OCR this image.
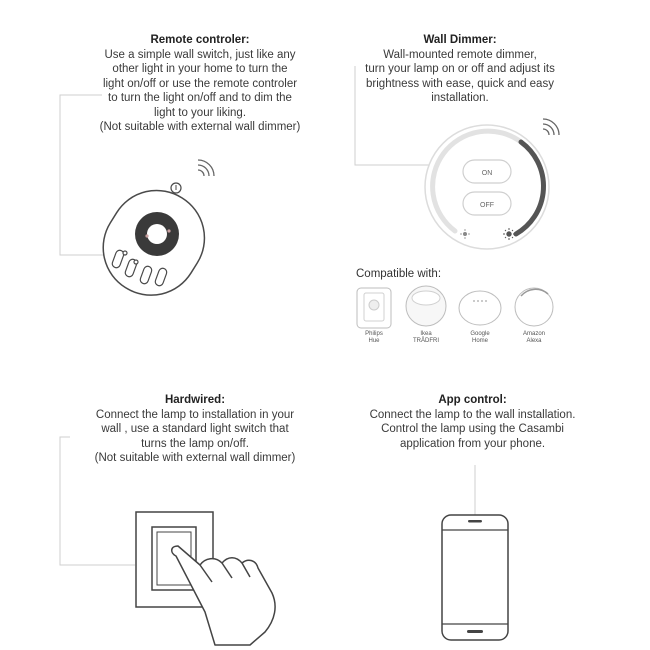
Remote controler:
Use a simple wall switch, just like any
other light in your home to turn the
light on/off or use the remote controler
to turn the light on/off and to dim the
light to your liking.
(Not suitable with external wall dimmer)
Wall Dimmer:
Wall-mounted remote dimmer,
turn your lamp on or off and adjust its
brightness with ease, quick and easy
installation.
Hardwired:
Connect the lamp to installation in your
wall , use a standard light switch that
turns the lamp on/off.
(Not suitable with external wall dimmer)
App control:
Connect the lamp to the wall installation.
Control the lamp using the Casambi
application from your phone.
Compatible with:
ON
OFF
Philips
Hue
Ikea
TRÅDFRI
Google
Home
Amazon
Alexa
